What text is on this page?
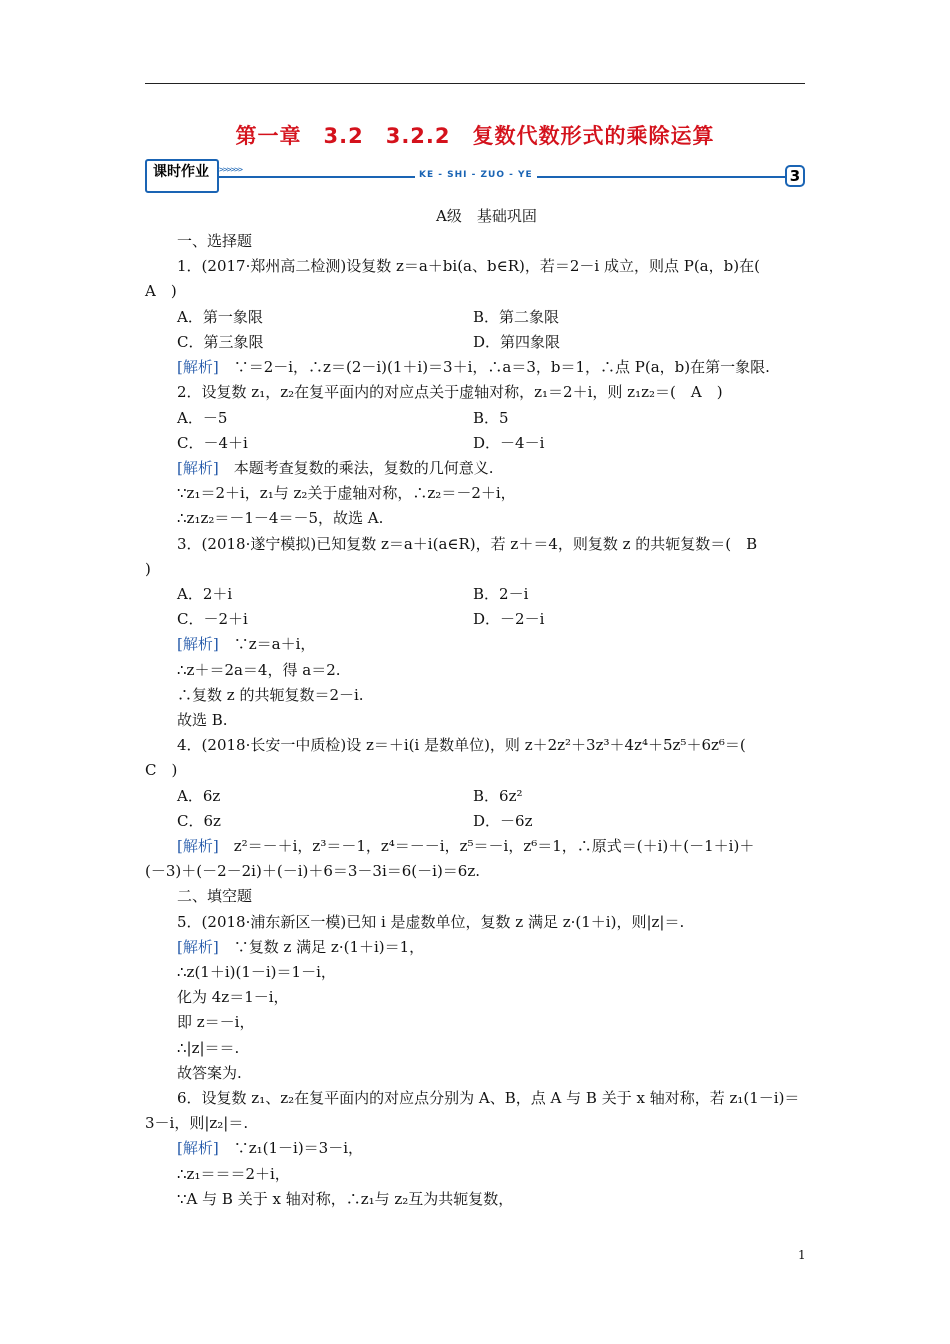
第一章　3.2　3.2.2　复数代数形式的乘除运算
课时作业	>>>>>>
KE - SHI - ZUO - YE	3
A级　基础巩固
一、选择题
1．(2017·郑州高二检测)设复数 z＝a＋bi(a、b∈R)，若＝2－i 成立，则点 P(a，b)在(
A　)
A．第一象限	B．第二象限
C．第三象限	D．第四象限
[解析]　∵＝2－i，∴z＝(2－i)(1＋i)＝3＋i，∴a＝3，b＝1，∴点 P(a，b)在第一象限.
2．设复数 z₁，z₂在复平面内的对应点关于虚轴对称，z₁＝2＋i，则 z₁z₂＝(　A　)
A．－5	B．5
C．－4＋i	D．－4－i
[解析]　本题考查复数的乘法，复数的几何意义.
∵z₁＝2＋i，z₁与 z₂关于虚轴对称，∴z₂＝－2＋i，
∴z₁z₂＝－1－4＝－5，故选 A.
3．(2018·遂宁模拟)已知复数 z＝a＋i(a∈R)，若 z＋＝4，则复数 z 的共轭复数＝(　B
)
A．2＋i	B．2－i
C．－2＋i	D．－2－i
[解析]　∵z＝a＋i，
∴z＋＝2a＝4，得 a＝2.
∴复数 z 的共轭复数＝2－i.
故选 B.
4．(2018·长安一中质检)设 z＝＋i(i 是数单位)，则 z＋2z²＋3z³＋4z⁴＋5z⁵＋6z⁶＝(
C　)
A．6z	B．6z²
C．6z	D．－6z
[解析]　z²＝－＋i，z³＝－1，z⁴＝－－i，z⁵＝－i，z⁶＝1，∴原式＝(＋i)＋(－1＋i)＋
(－3)＋(－2－2i)＋(－i)＋6＝3－3i＝6(－i)＝6z.
二、填空题
5．(2018·浦东新区一模)已知 i 是虚数单位，复数 z 满足 z·(1＋i)，则|z|＝.
[解析]　∵复数 z 满足 z·(1＋i)＝1，
∴z(1＋i)(1－i)＝1－i，
化为 4z＝1－i，
即 z＝－i，
∴|z|＝＝.
故答案为.
6．设复数 z₁、z₂在复平面内的对应点分别为 A、B，点 A 与 B 关于 x 轴对称，若 z₁(1－i)＝
3－i，则|z₂|＝.
[解析]　∵z₁(1－i)＝3－i，
∴z₁＝＝＝2＋i，
∵A 与 B 关于 x 轴对称，∴z₁与 z₂互为共轭复数，
1
